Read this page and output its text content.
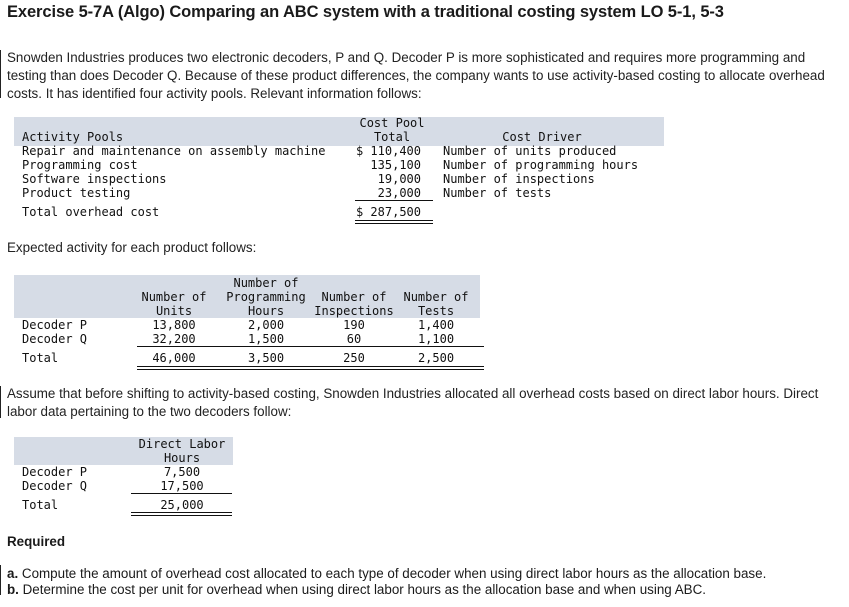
Exercise 5-7A (Algo) Comparing an ABC system with a traditional costing system LO 5-1, 5-3

Snowden Industries produces two electronic decoders, P and Q. Decoder P is more sophisticated and requires more programming and testing than does Decoder Q. Because of these product differences, the company wants to use activity-based costing to allocate overhead costs. It has identified four activity pools. Relevant information follows:

Activity Pools
Cost Pool
Total	Cost Driver
Repair and maintenance on assembly machine	$ 110,400 Number of units produced
Programming cost	135,100 Number of programming hours
Software inspections	19,000 Number of inspections
Product testing	23,000 Number of tests
Total overhead cost	$ 287,500

Expected activity for each product follows:

Number of
Units
Number of
Programming
Hours
Number of
Inspections
Number of
Tests
Decoder P	13,800	2,000	190	1,400
Decoder Q	32,200	1,500	60	1,100
Total	46,000	3,500	250	2,500

Assume that before shifting to activity-based costing, Snowden Industries allocated all overhead costs based on direct labor hours. Direct labor data pertaining to the two decoders follow:

Direct Labor
Hours
Decoder P	7,500
Decoder Q	17,500
Total	25,000

Required

a. Compute the amount of overhead cost allocated to each type of decoder when using direct labor hours as the allocation base.
b. Determine the cost per unit for overhead when using direct labor hours as the allocation base and when using ABC.
